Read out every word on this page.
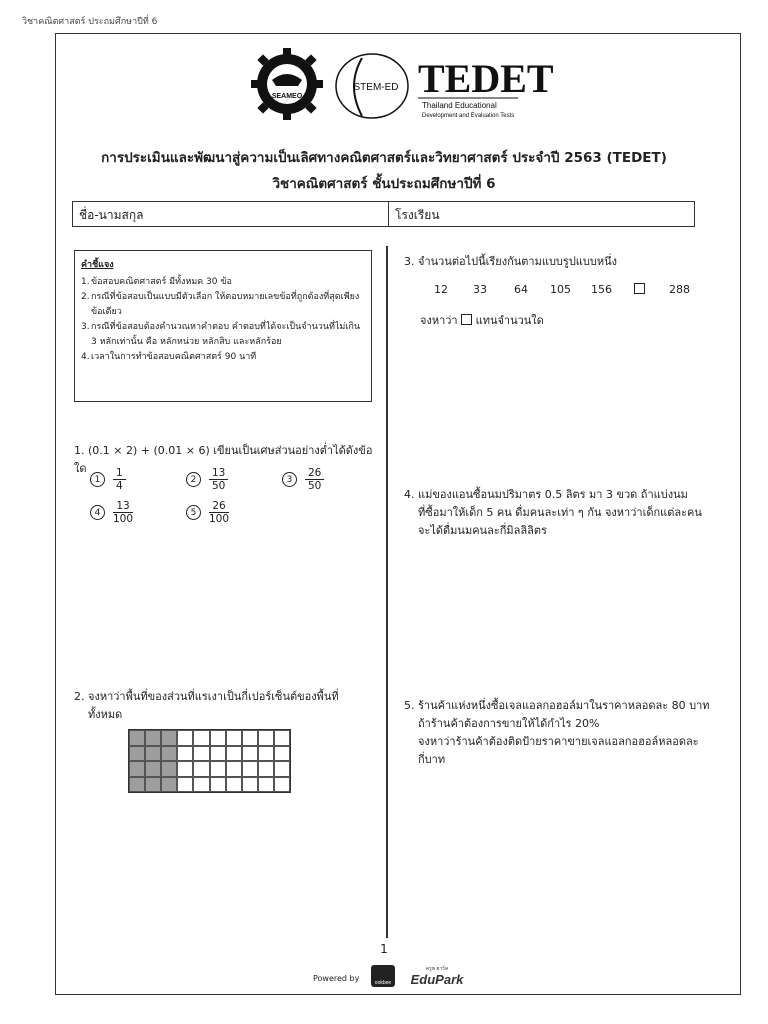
วิชาคณิตศาสตร์ ประถมศึกษาปีที่ 6
SEAMEO
STEM-ED TEDET
Thailand Educational
Development and Evaluation Tests
การประเมินและพัฒนาสู่ความเป็นเลิศทางคณิตศาสตร์และวิทยาศาสตร์ ประจำปี 2563 (TEDET)
วิชาคณิตศาสตร์ ชั้นประถมศึกษาปีที่ 6
ชื่อ-นามสกุล	โรงเรียน
คำชี้แจง
1. ข้อสอบคณิตศาสตร์ มีทั้งหมด 30 ข้อ
2. กรณีที่ข้อสอบเป็นแบบมีตัวเลือก ให้ตอบหมายเลขข้อที่ถูกต้องที่สุดเพียงข้อเดียว
3. กรณีที่ข้อสอบต้องคำนวณหาคำตอบ คำตอบที่ได้จะเป็นจำนวนที่ไม่เกิน 3 หลักเท่านั้น คือ หลักหน่วย หลักสิบ และหลักร้อย
4. เวลาในการทำข้อสอบคณิตศาสตร์ 90 นาที
1. (0.1 × 2) + (0.01 × 6) เขียนเป็นเศษส่วนอย่างต่ำได้ดังข้อใด
1	$\frac{1}{4}$	2	$\frac{13}{50}$	3	$\frac{26}{50}$
4	$\frac{13}{100}$	5	$\frac{26}{100}$
2. จงหาว่าพื้นที่ของส่วนที่แรเงาเป็นกี่เปอร์เซ็นต์ของพื้นที่
ทั้งหมด
3. จำนวนต่อไปนี้เรียงกันตามแบบรูปแบบหนึ่ง
12 33 64 105 156	288
จงหาว่า แทนจำนวนใด
4. แม่ของแอนซื้อนมปริมาตร 0.5 ลิตร มา 3 ขวด ถ้าแบ่งนม
ที่ซื้อมาให้เด็ก 5 คน ดื่มคนละเท่า ๆ กัน จงหาว่าเด็กแต่ละคน
จะได้ดื่มนมคนละกี่มิลลิลิตร
5. ร้านค้าแห่งหนึ่งซื้อเจลแอลกอฮอล์มาในราคาหลอดละ 80 บาท
ถ้าร้านค้าต้องการขายให้ได้กำไร 20%
จงหาว่าร้านค้าต้องติดป้ายราคาขายเจลแอลกอฮอล์หลอดละ
กี่บาท
1
Powered by	ookbee
ครูพ ฮาร์ค
EduPark
